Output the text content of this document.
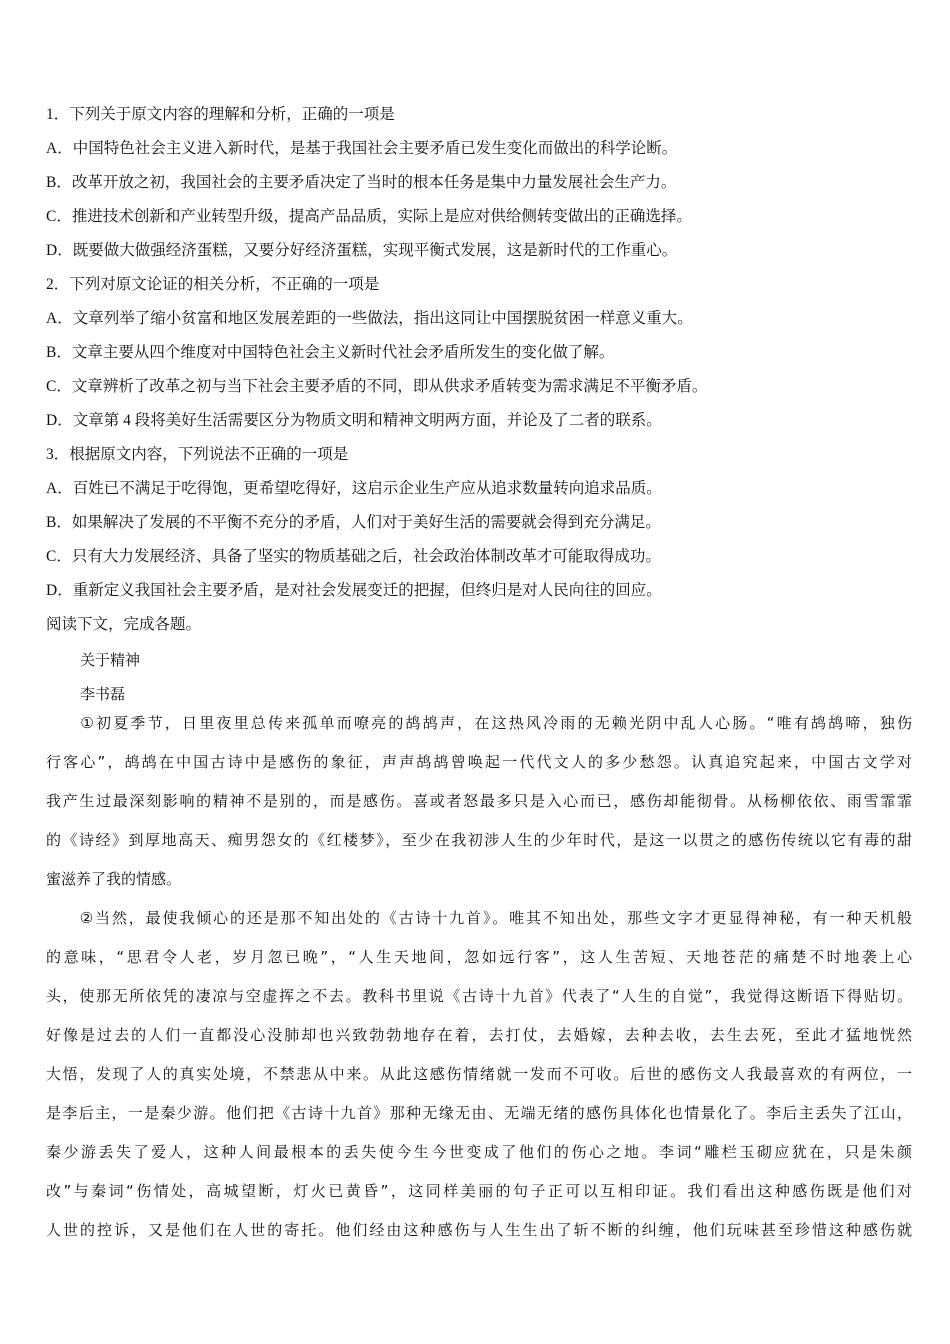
1．下列关于原文内容的理解和分析，正确的一项是
A．中国特色社会主义进入新时代，是基于我国社会主要矛盾已发生变化而做出的科学论断。
B．改革开放之初，我国社会的主要矛盾决定了当时的根本任务是集中力量发展社会生产力。
C．推进技术创新和产业转型升级，提高产品品质，实际上是应对供给侧转变做出的正确选择。
D．既要做大做强经济蛋糕，又要分好经济蛋糕，实现平衡式发展，这是新时代的工作重心。
2．下列对原文论证的相关分析，不正确的一项是
A．文章列举了缩小贫富和地区发展差距的一些做法，指出这同让中国摆脱贫困一样意义重大。
B．文章主要从四个维度对中国特色社会主义新时代社会矛盾所发生的变化做了解。
C．文章辨析了改革之初与当下社会主要矛盾的不同，即从供求矛盾转变为需求满足不平衡矛盾。
D．文章第 4 段将美好生活需要区分为物质文明和精神文明两方面，并论及了二者的联系。
3．根据原文内容，下列说法不正确的一项是
A．百姓已不满足于吃得饱，更希望吃得好，这启示企业生产应从追求数量转向追求品质。
B．如果解决了发展的不平衡不充分的矛盾，人们对于美好生活的需要就会得到充分满足。
C．只有大力发展经济、具备了坚实的物质基础之后，社会政治体制改革才可能取得成功。
D．重新定义我国社会主要矛盾，是对社会发展变迁的把握，但终归是对人民向往的回应。
阅读下文，完成各题。
关于精神
李书磊
　　①初夏季节，日里夜里总传来孤单而嘹亮的鸪鸪声，在这热风冷雨的无赖光阴中乱人心肠。“唯有鸪鸪啼，独伤
行客心”，鸪鸪在中国古诗中是感伤的象征，声声鸪鸪曾唤起一代代文人的多少愁怨。认真追究起来，中国古文学对
我产生过最深刻影响的精神不是别的，而是感伤。喜或者怒最多只是入心而已，感伤却能彻骨。从杨柳依依、雨雪霏霏
的《诗经》到厚地高天、痴男怨女的《红楼梦》，至少在我初涉人生的少年时代，是这一以贯之的感伤传统以它有毒的甜
蜜滋养了我的情感。
　　②当然，最使我倾心的还是那不知出处的《古诗十九首》。唯其不知出处，那些文字才更显得神秘，有一种天机般
的意味，“思君令人老，岁月忽已晚”，“人生天地间，忽如远行客”，这人生苦短、天地苍茫的痛楚不时地袭上心
头，使那无所依凭的凄凉与空虚挥之不去。教科书里说《古诗十九首》代表了“人生的自觉”，我觉得这断语下得贴切。
好像是过去的人们一直都没心没肺却也兴致勃勃地存在着，去打仗，去婚嫁，去种去收，去生去死，至此才猛地恍然
大悟，发现了人的真实处境，不禁悲从中来。从此这感伤情绪就一发而不可收。后世的感伤文人我最喜欢的有两位，一
是李后主，一是秦少游。他们把《古诗十九首》那种无缘无由、无端无绪的感伤具体化也情景化了。李后主丢失了江山，
秦少游丢失了爱人，这种人间最根本的丢失使今生今世变成了他们的伤心之地。李词“雕栏玉砌应犹在，只是朱颜
改”与秦词“伤情处，高城望断，灯火已黄昏”，这同样美丽的句子正可以互相印证。我们看出这种感伤既是他们对
人世的控诉，又是他们在人世的寄托。他们经由这种感伤与人生生出了斩不断的纠缠，他们玩味甚至珍惜这种感伤就
